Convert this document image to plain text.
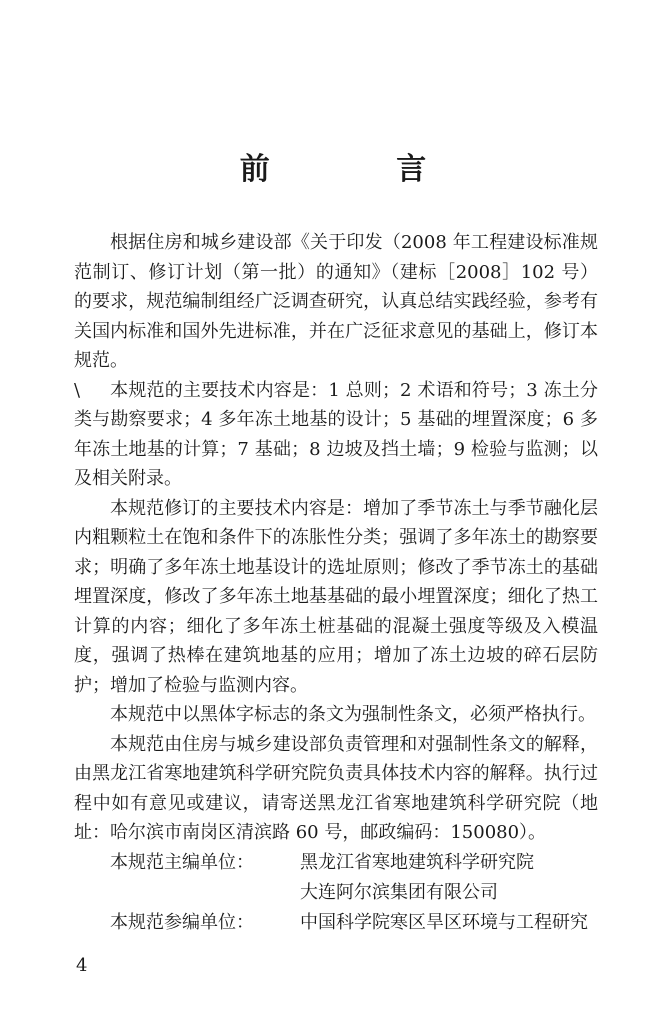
前 言

根据住房和城乡建设部《关于印发（2008 年工程建设标准规范制订、修订计划（第一批）的通知》（建标［2008］102 号）的要求，规范编制组经广泛调查研究，认真总结实践经验，参考有关国内标准和国外先进标准，并在广泛征求意见的基础上，修订本规范。

\ 本规范的主要技术内容是：1 总则；2 术语和符号；3 冻土分类与勘察要求；4 多年冻土地基的设计；5 基础的埋置深度；6 多年冻土地基的计算；7 基础；8 边坡及挡土墙；9 检验与监测；以及相关附录。

本规范修订的主要技术内容是：增加了季节冻土与季节融化层内粗颗粒土在饱和条件下的冻胀性分类；强调了多年冻土的勘察要求；明确了多年冻土地基设计的选址原则；修改了季节冻土的基础埋置深度，修改了多年冻土地基基础的最小埋置深度；细化了热工计算的内容；细化了多年冻土桩基础的混凝土强度等级及入模温度，强调了热棒在建筑地基的应用；增加了冻土边坡的碎石层防护；增加了检验与监测内容。

本规范中以黑体字标志的条文为强制性条文，必须严格执行。

本规范由住房与城乡建设部负责管理和对强制性条文的解释，由黑龙江省寒地建筑科学研究院负责具体技术内容的解释。执行过程中如有意见或建议，请寄送黑龙江省寒地建筑科学研究院（地址：哈尔滨市南岗区清滨路 60 号，邮政编码：150080）。

本规范主编单位：	黑龙江省寒地建筑科学研究院

大连阿尔滨集团有限公司

本规范参编单位：	中国科学院寒区旱区环境与工程研究

4
